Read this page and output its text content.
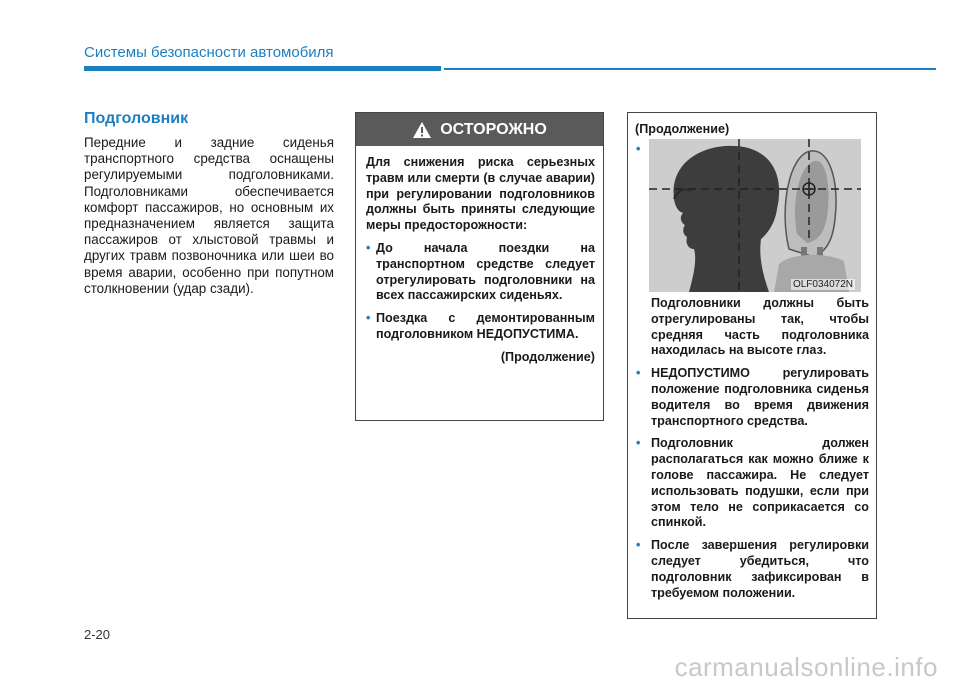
Системы безопасности автомобиля
Подголовник

Передние и задние сиденья транспортного средства оснащены регулируемыми подголовниками. Подголовниками обеспечивается комфорт пассажиров, но основным их предназначением является защита пассажиров от хлыстовой травмы и других травм позвоночника или шеи во время аварии, особенно при попутном столкновении (удар сзади).

ОСТОРОЖНО

Для снижения риска серьезных травм или смерти (в случае аварии) при регулировании подголовников должны быть приняты следующие меры предосторожности:

• До начала поездки на транспортном средстве следует отрегулировать подголовники на всех пассажирских сиденьях.
• Поездка с демонтированным подголовником НЕДОПУСТИМА.
(Продолжение)
(Продолжение)
•
Подголовники должны быть отрегулированы так, чтобы средняя часть подголовника находилась на высоте глаз.
• НЕДОПУСТИМО регулировать положение подголовника сиденья водителя во время движения транспортного средства.
• Подголовник должен располагаться как можно ближе к голове пассажира. Не следует использовать подушки, если при этом тело не соприкасается со спинкой.
• После завершения регулировки следует убедиться, что подголовник зафиксирован в требуемом положении.
OLF034072N
2-20
carmanualsonline.info
